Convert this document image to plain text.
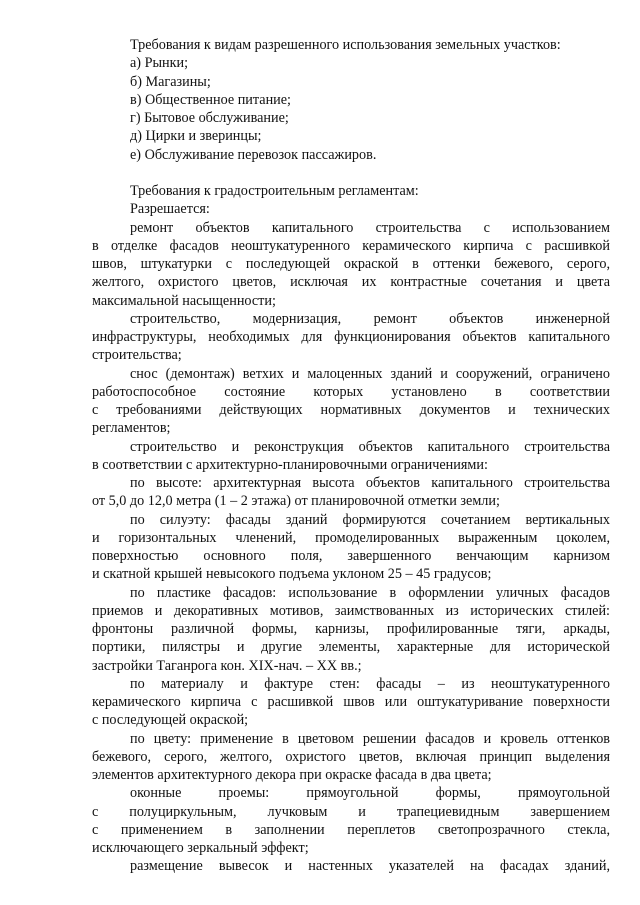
Требования к видам разрешенного использования земельных участков:
а) Рынки;
б) Магазины;
в) Общественное питание;
г) Бытовое обслуживание;
д) Цирки и зверинцы;
е) Обслуживание перевозок пассажиров.
Требования к градостроительным регламентам:
Разрешается:
ремонт объектов капитального строительства с использованием
в отделке фасадов неоштукатуренного керамического кирпича с расшивкой
швов, штукатурки с последующей окраской в оттенки бежевого, серого,
желтого, охристого цветов, исключая их контрастные сочетания и цвета
максимальной насыщенности;
строительство, модернизация, ремонт объектов инженерной
инфраструктуры, необходимых для функционирования объектов капитального
строительства;
снос (демонтаж) ветхих и малоценных зданий и сооружений, ограничено
работоспособное состояние которых установлено в соответствии
с требованиями действующих нормативных документов и технических
регламентов;
строительство и реконструкция объектов капитального строительства
в соответствии с архитектурно-планировочными ограничениями:
по высоте: архитектурная высота объектов капитального строительства
от 5,0 до 12,0 метра (1 – 2 этажа) от планировочной отметки земли;
по силуэту: фасады зданий формируются сочетанием вертикальных
и горизонтальных членений, промоделированных выраженным цоколем,
поверхностью основного поля, завершенного венчающим карнизом
и скатной крышей невысокого подъема уклоном 25 – 45 градусов;
по пластике фасадов: использование в оформлении уличных фасадов
приемов и декоративных мотивов, заимствованных из исторических стилей:
фронтоны различной формы, карнизы, профилированные тяги, аркады,
портики, пилястры и другие элементы, характерные для исторической
застройки Таганрога кон. XIX-нач. – XX вв.;
по материалу и фактуре стен: фасады – из неоштукатуренного
керамического кирпича с расшивкой швов или оштукатуривание поверхности
с последующей окраской;
по цвету: применение в цветовом решении фасадов и кровель оттенков
бежевого, серого, желтого, охристого цветов, включая принцип выделения
элементов архитектурного декора при окраске фасада в два цвета;
оконные проемы: прямоугольной формы, прямоугольной
с полуциркульным, лучковым и трапециевидным завершением
с применением в заполнении переплетов светопрозрачного стекла,
исключающего зеркальный эффект;
размещение вывесок и настенных указателей на фасадах зданий,
